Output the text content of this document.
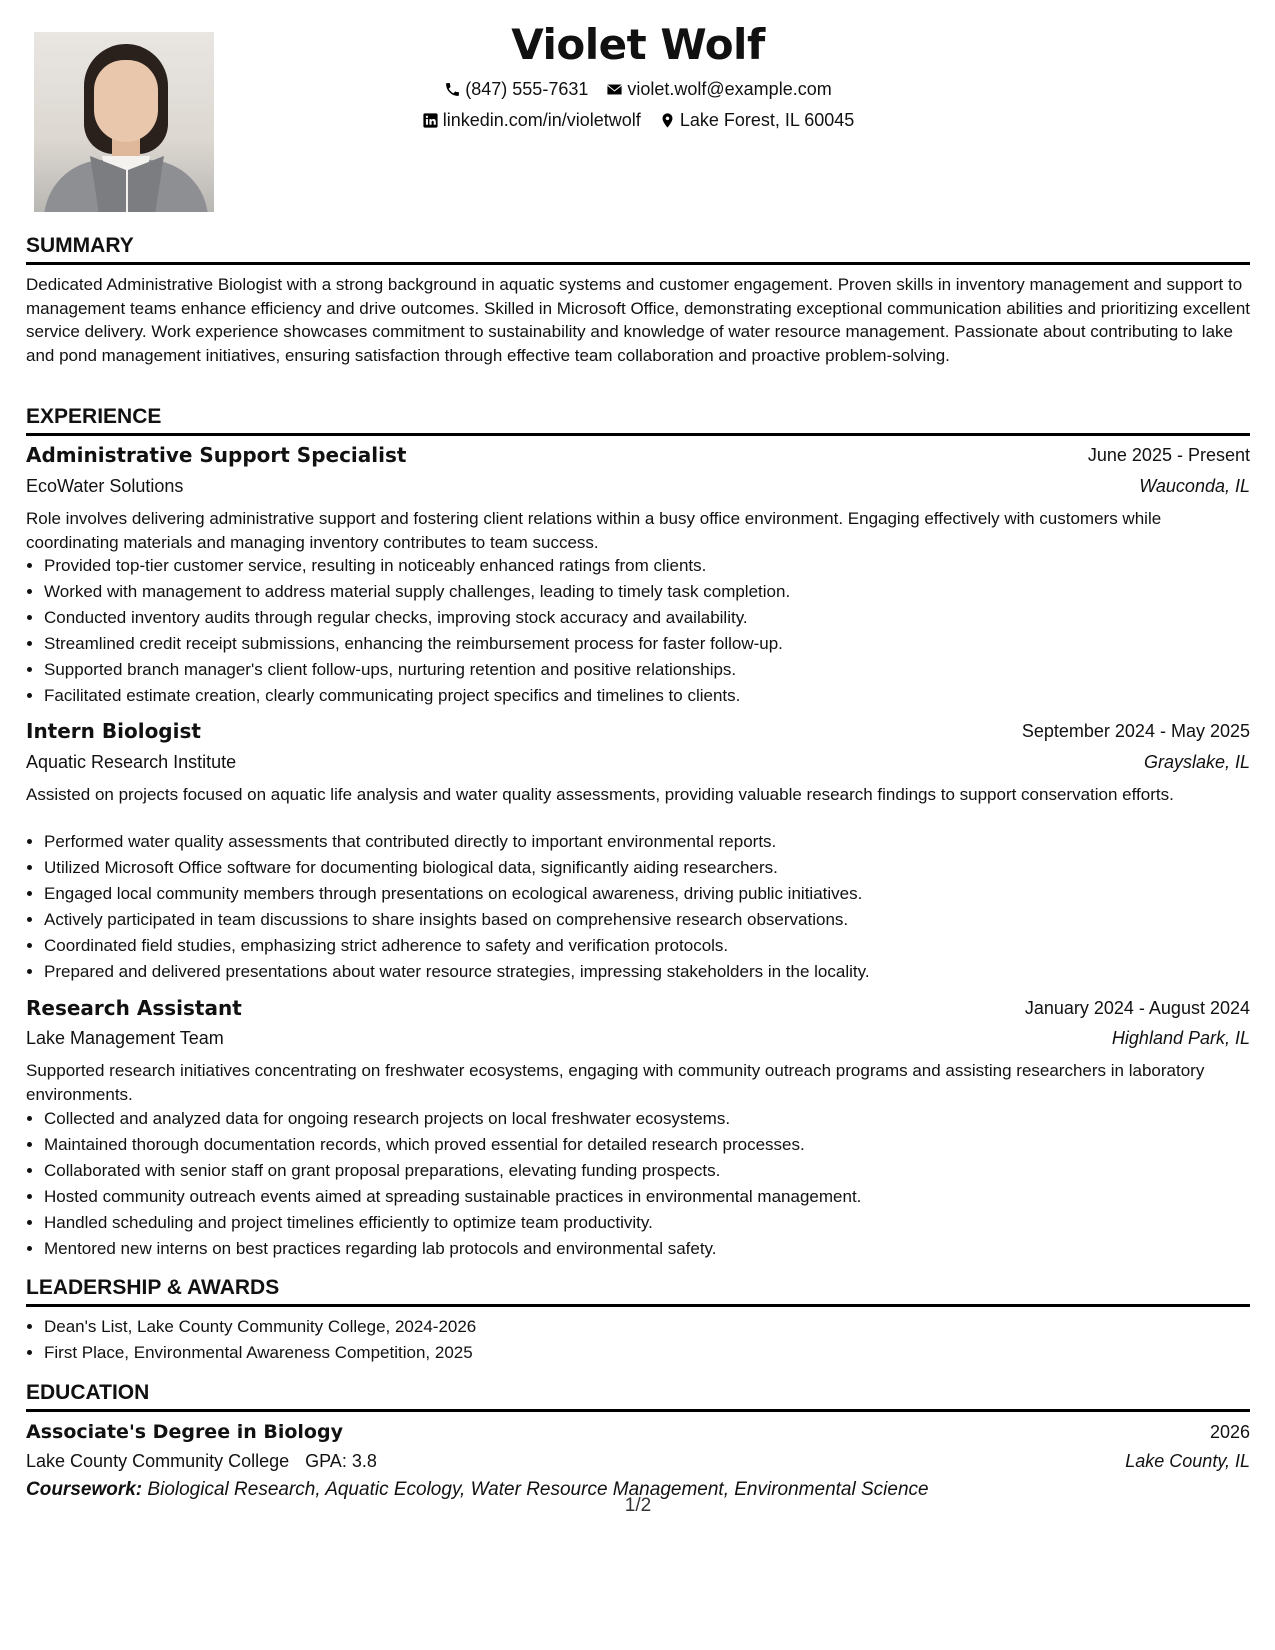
Violet Wolf
(847) 555-7631 violet.wolf@example.com
linkedin.com/in/violetwolf Lake Forest, IL 60045
SUMMARY
Dedicated Administrative Biologist with a strong background in aquatic systems and customer engagement. Proven skills in inventory management and support to management teams enhance efficiency and drive outcomes. Skilled in Microsoft Office, demonstrating exceptional communication abilities and prioritizing excellent service delivery. Work experience showcases commitment to sustainability and knowledge of water resource management. Passionate about contributing to lake and pond management initiatives, ensuring satisfaction through effective team collaboration and proactive problem-solving.
EXPERIENCE
Administrative Support Specialist	June 2025 - Present
EcoWater Solutions	Wauconda, IL
Role involves delivering administrative support and fostering client relations within a busy office environment. Engaging effectively with customers while coordinating materials and managing inventory contributes to team success.
• Provided top-tier customer service, resulting in noticeably enhanced ratings from clients.
• Worked with management to address material supply challenges, leading to timely task completion.
• Conducted inventory audits through regular checks, improving stock accuracy and availability.
• Streamlined credit receipt submissions, enhancing the reimbursement process for faster follow-up.
• Supported branch manager's client follow-ups, nurturing retention and positive relationships.
• Facilitated estimate creation, clearly communicating project specifics and timelines to clients.
Intern Biologist	September 2024 - May 2025
Aquatic Research Institute	Grayslake, IL
Assisted on projects focused on aquatic life analysis and water quality assessments, providing valuable research findings to support conservation efforts.
• Performed water quality assessments that contributed directly to important environmental reports.
• Utilized Microsoft Office software for documenting biological data, significantly aiding researchers.
• Engaged local community members through presentations on ecological awareness, driving public initiatives.
• Actively participated in team discussions to share insights based on comprehensive research observations.
• Coordinated field studies, emphasizing strict adherence to safety and verification protocols.
• Prepared and delivered presentations about water resource strategies, impressing stakeholders in the locality.
Research Assistant	January 2024 - August 2024
Lake Management Team	Highland Park, IL
Supported research initiatives concentrating on freshwater ecosystems, engaging with community outreach programs and assisting researchers in laboratory environments.
• Collected and analyzed data for ongoing research projects on local freshwater ecosystems.
• Maintained thorough documentation records, which proved essential for detailed research processes.
• Collaborated with senior staff on grant proposal preparations, elevating funding prospects.
• Hosted community outreach events aimed at spreading sustainable practices in environmental management.
• Handled scheduling and project timelines efficiently to optimize team productivity.
• Mentored new interns on best practices regarding lab protocols and environmental safety.
LEADERSHIP & AWARDS
• Dean's List, Lake County Community College, 2024-2026
• First Place, Environmental Awareness Competition, 2025
EDUCATION
Associate's Degree in Biology	2026
Lake County Community College GPA: 3.8	Lake County, IL
Coursework: Biological Research, Aquatic Ecology, Water Resource Management, Environmental Science
1/2
